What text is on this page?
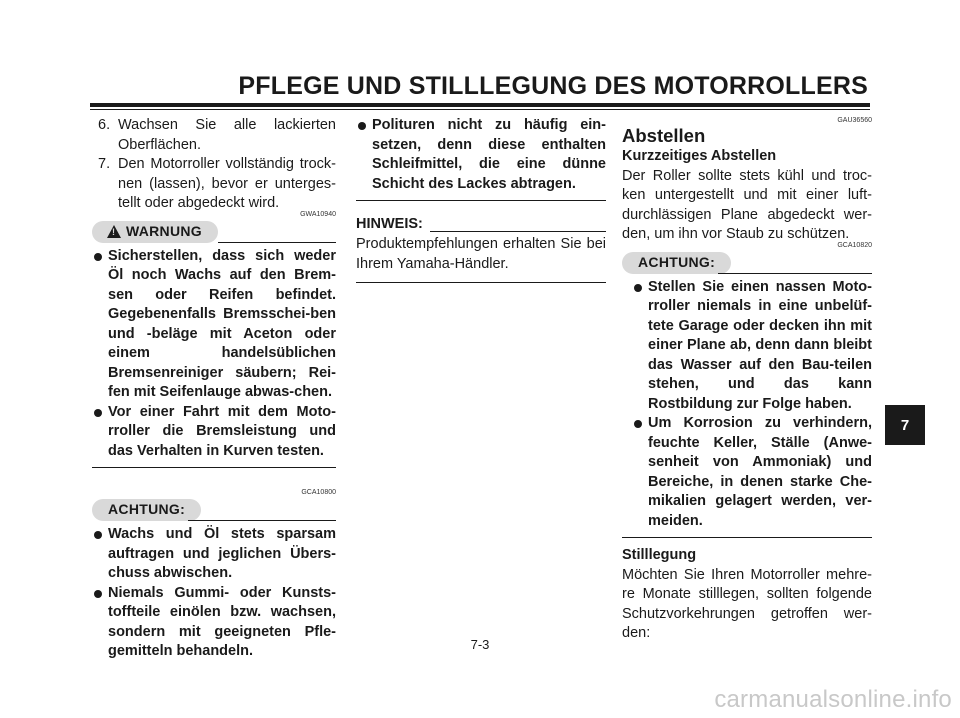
PFLEGE UND STILLLEGUNG DES MOTORROLLERS
7
6. Wachsen Sie alle lackierten Oberflächen.
7. Den Motorroller vollständig trock-nen (lassen), bevor er unterges-tellt oder abgedeckt wird.
GWA10940
!
WARNUNG
Sicherstellen, dass sich weder Öl noch Wachs auf den Brem-sen oder Reifen befindet. Gegebenenfalls Bremsschei-ben und -beläge mit Aceton oder einem handelsüblichen Bremsenreiniger säubern; Rei-fen mit Seifenlauge abwas-chen.
Vor einer Fahrt mit dem Moto-rroller die Bremsleistung und das Verhalten in Kurven testen.
GCA10800
ACHTUNG:
Wachs und Öl stets sparsam auftragen und jeglichen Übers-chuss abwischen.
Niemals Gummi- oder Kunsts-toffteile einölen bzw. wachsen, sondern mit geeigneten Pfle-gemitteln behandeln.
Polituren nicht zu häufig ein-setzen, denn diese enthalten Schleifmittel, die eine dünne Schicht des Lackes abtragen.
HINWEIS:
Produktempfehlungen erhalten Sie bei Ihrem Yamaha-Händler.
GAU36560
Abstellen
Kurzzeitiges Abstellen
Der Roller sollte stets kühl und troc-ken untergestellt und mit einer luft-durchlässigen Plane abgedeckt wer-den, um ihn vor Staub zu schützen.
GCA10820
ACHTUNG:
Stellen Sie einen nassen Moto-rroller niemals in eine unbelüf-tete Garage oder decken ihn mit einer Plane ab, denn dann bleibt das Wasser auf den Bau-teilen stehen, und das kann Rostbildung zur Folge haben.
Um Korrosion zu verhindern, feuchte Keller, Ställe (Anwe-senheit von Ammoniak) und Bereiche, in denen starke Che-mikalien gelagert werden, ver-meiden.
Stilllegung
Möchten Sie Ihren Motorroller mehre-re Monate stilllegen, sollten folgende Schutzvorkehrungen getroffen wer-den:
7-3
carmanualsonline.info
